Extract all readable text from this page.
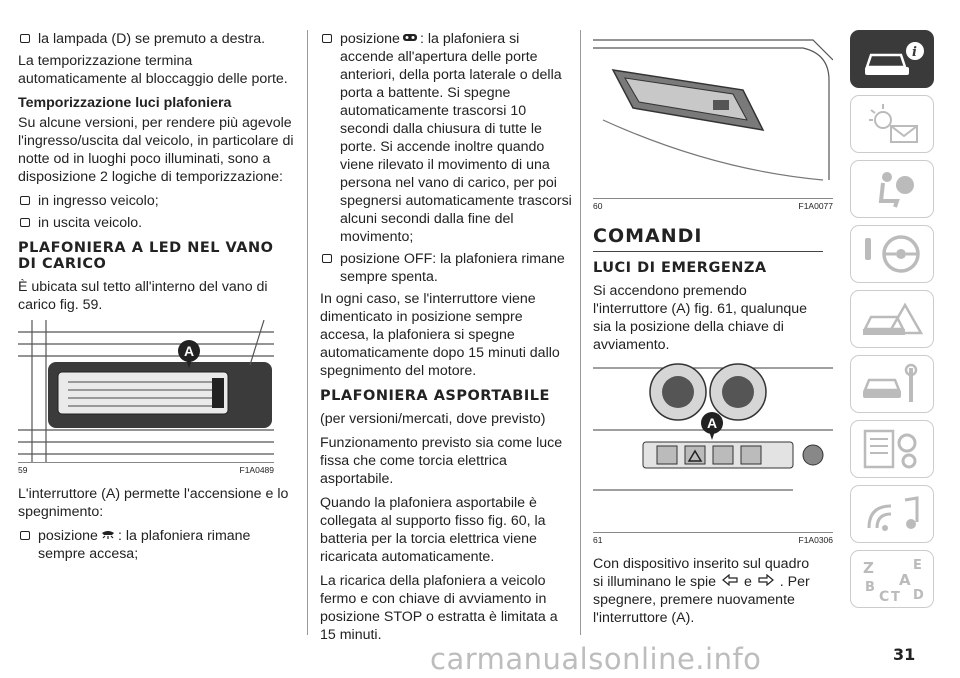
la lampada (D) se premuto a destra.

La temporizzazione termina automaticamente al bloccaggio delle porte.

Temporizzazione luci plafoniera

Su alcune versioni, per rendere più agevole l'ingresso/uscita dal veicolo, in particolare di notte od in luoghi poco illuminati, sono a disposizione 2 logiche di temporizzazione:

in ingresso veicolo;
in uscita veicolo.
PLAFONIERA A LED NEL VANO DI CARICO

È ubicata sul tetto all'interno del vano di carico fig. 59.

A
59	F1A0489

L'interruttore (A) permette l'accensione e lo spegnimento:

posizione : la plafoniera rimane sempre accesa;
posizione : la plafoniera si accende all'apertura delle porte anteriori, della porta laterale o della porta a battente. Si spegne automaticamente trascorsi 10 secondi dalla chiusura di tutte le porte. Si accende inoltre quando viene rilevato il movimento di una persona nel vano di carico, per poi spegnersi automaticamente trascorsi alcuni secondi dalla fine del movimento;
posizione OFF: la plafoniera rimane sempre spenta.

In ogni caso, se l'interruttore viene dimenticato in posizione sempre accesa, la plafoniera si spegne automaticamente dopo 15 minuti dallo spegnimento del motore.

PLAFONIERA ASPORTABILE

(per versioni/mercati, dove previsto)

Funzionamento previsto sia come luce fissa che come torcia elettrica asportabile.

Quando la plafoniera asportabile è collegata al supporto fisso fig. 60, la batteria per la torcia elettrica viene ricaricata automaticamente.

La ricarica della plafoniera a veicolo fermo e con chiave di avviamento in posizione STOP o estratta è limitata a 15 minuti.

60	F1A0077
COMANDI
LUCI DI EMERGENZA

Si accendono premendo l'interruttore (A) fig. 61, qualunque sia la posizione della chiave di avviamento.

A
61	F1A0306

Con dispositivo inserito sul quadro si illuminano le spie e . Per spegnere, premere nuovamente l'interruttore (A).

i
Z	E
B A
C T D
carmanualsonline.info	31
